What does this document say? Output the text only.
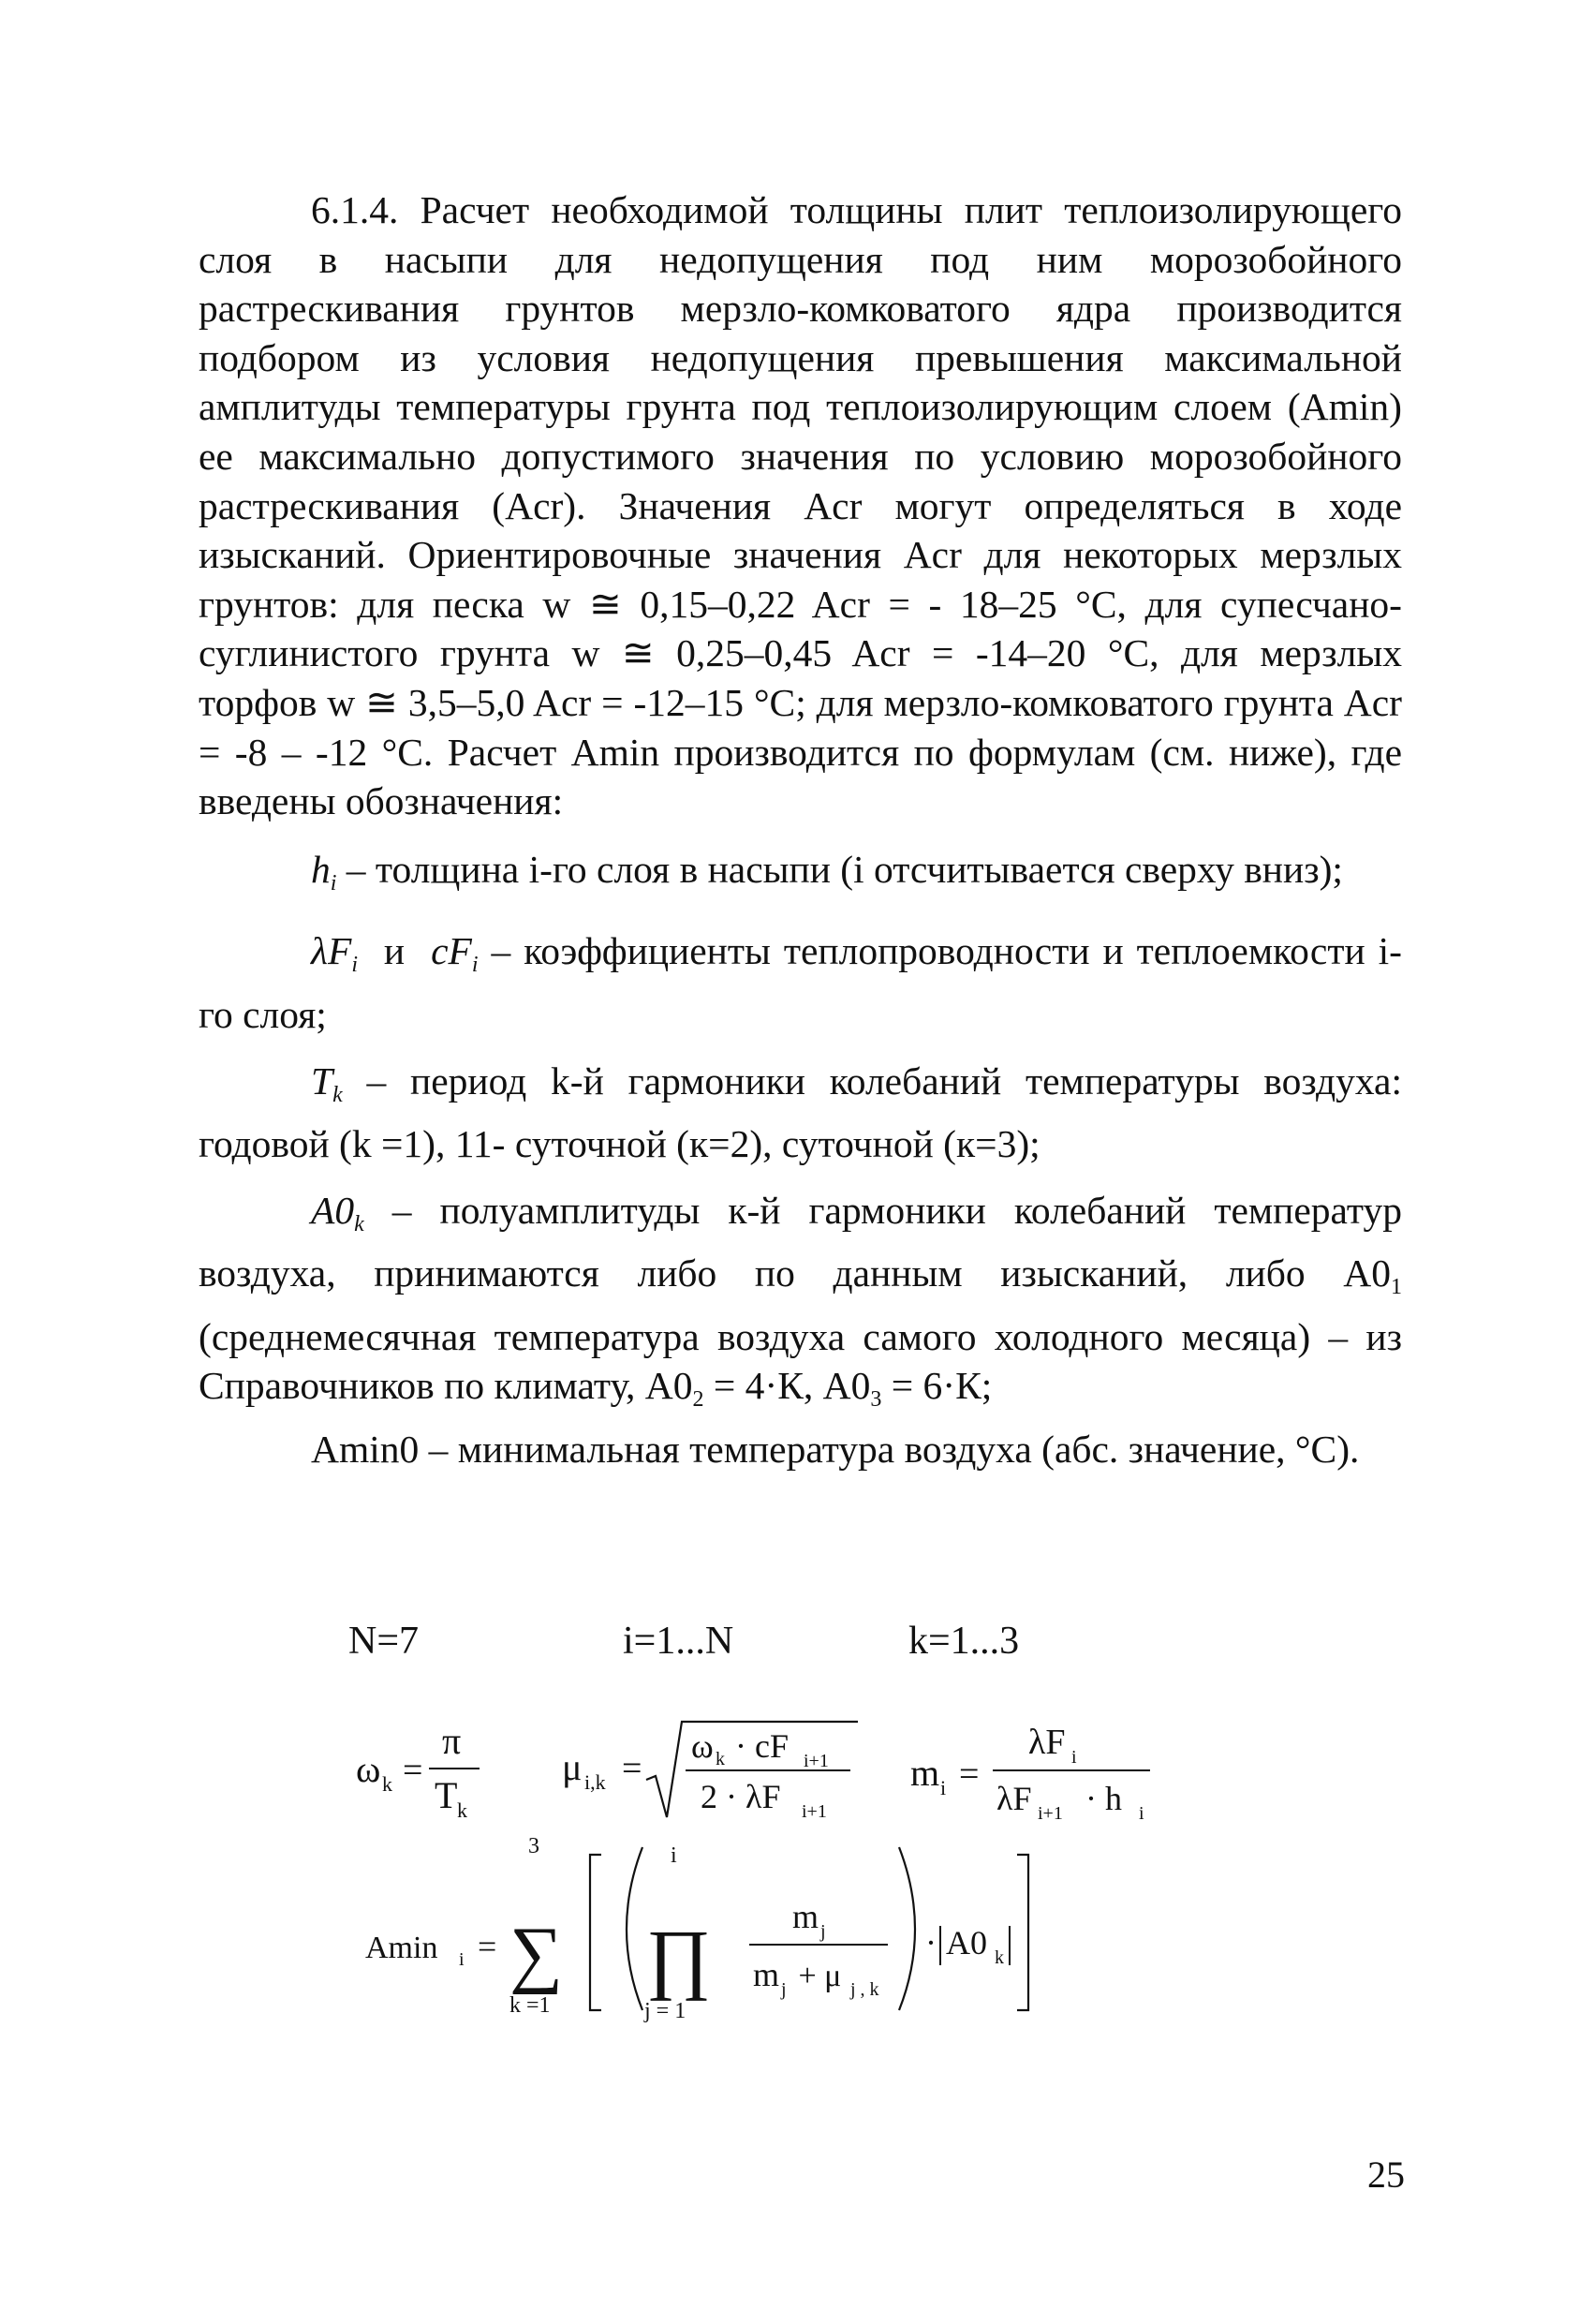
6.1.4. Расчет необходимой толщины плит теплоизолирующего слоя в насыпи для недопущения под ним морозобойного растрескивания грунтов мерзло-комковатого ядра производится подбором из условия недопущения превышения максимальной амплитуды температуры грунта под теплоизолирующим слоем (Amin) ее максимально допустимого значения по условию морозобойного растрескивания (Acr). Значения Acr могут определяться в ходе изысканий. Ориентировочные значения Acr для некоторых мерзлых грунтов: для песка w ≅ 0,15–0,22 Acr = - 18–25 °С, для супесчано-суглинистого грунта w ≅ 0,25–0,45 Acr = -14–20 °С, для мерзлых торфов w ≅ 3,5–5,0 Acr = -12–15 °С; для мерзло-комковатого грунта Acr = -8 – -12 °С. Расчет Amin производится по формулам (см. ниже), где введены обозначения:

$h_i$ – толщина i-го слоя в насыпи (i отсчитывается сверху вниз);

$\lambda F_i$  и  $cF_i$ – коэффициенты теплопроводности и теплоемкости i-го слоя;

$T_k$ – период k-й гармоники колебаний температуры воздуха: годовой (k =1), 11- суточной (к=2), суточной (к=3);

$A0_k$ – полуамплитуды к-й гармоники колебаний температур воздуха, принимаются либо по данным изысканий, либо A01 (среднемесячная температура воздуха самого холодного месяца) – из Справочников по климату, A02 = 4·К, A03 = 6·К;

Amin0 – минимальная температура воздуха (абс. значение, °С).

N=7	i=1...N	k=1...3
ω k =
π
T k
μ i,k =
ω k · cF i+1
2 · λF i+1
m i =
λF i
λF i+1 · h i
Amin i =
3
∑
k =1
i
∏
j = 1
m j
m j + μ j , k
· A0 k
25
